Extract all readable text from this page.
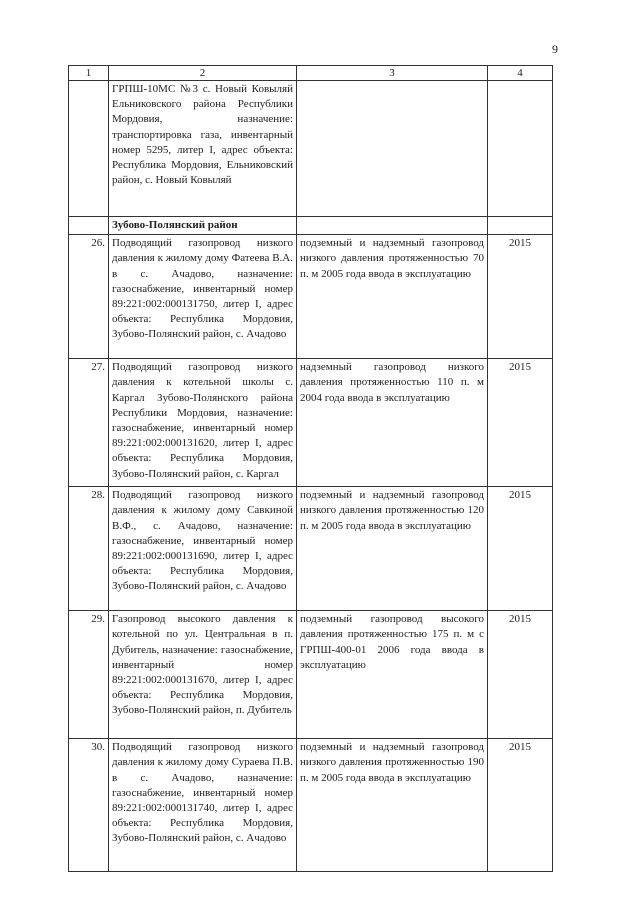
9
1	2	3	4
	ГРПШ-10МС №3 с. Новый Ковыляй Ельниковского района Республики Мордовия, назначение: транспортировка газа, инвентарный номер 5295, литер I, адрес объекта: Республика Мордовия, Ельниковский район, с. Новый Ковыляй		
	Зубово-Полянский район		
26.	Подводящий газопровод низкого давления к жилому дому Фатеева В.А. в с. Ачадово, назначение: газоснабжение, инвентарный номер 89:221:002:000131750, литер I, адрес объекта: Республика Мордовия, Зубово-Полянский район, с. Ачадово	подземный и надземный газопровод низкого давления протяженностью 70 п. м 2005 года ввода в эксплуатацию	2015
27.	Подводящий газопровод низкого давления к котельной школы с. Каргал Зубово-Полянского района Республики Мордовия, назначение: газоснабжение, инвентарный номер 89:221:002:000131620, литер I, адрес объекта: Республика Мордовия, Зубово-Полянский район, с. Каргал	надземный газопровод низкого давления протяженностью 110 п. м 2004 года ввода в эксплуатацию	2015
28.	Подводящий газопровод низкого давления к жилому дому Савкиной В.Ф., с. Ачадово, назначение: газоснабжение, инвентарный номер 89:221:002:000131690, литер I, адрес объекта: Республика Мордовия, Зубово-Полянский район, с. Ачадово	подземный и надземный газопровод низкого давления протяженностью 120 п. м 2005 года ввода в эксплуатацию	2015
29.	Газопровод высокого давления к котельной по ул. Центральная в п. Дубитель, назначение: газоснабжение, инвентарный номер 89:221:002:000131670, литер I, адрес объекта: Республика Мордовия, Зубово-Полянский район, п. Дубитель	подземный газопровод высокого давления протяженностью 175 п. м с ГРПШ-400-01 2006 года ввода в эксплуатацию	2015
30.	Подводящий газопровод низкого давления к жилому дому Сураева П.В. в с. Ачадово, назначение: газоснабжение, инвентарный номер 89:221:002:000131740, литер I, адрес объекта: Республика Мордовия, Зубово-Полянский район, с. Ачадово	подземный и надземный газопровод низкого давления протяженностью 190 п. м 2005 года ввода в эксплуатацию	2015
